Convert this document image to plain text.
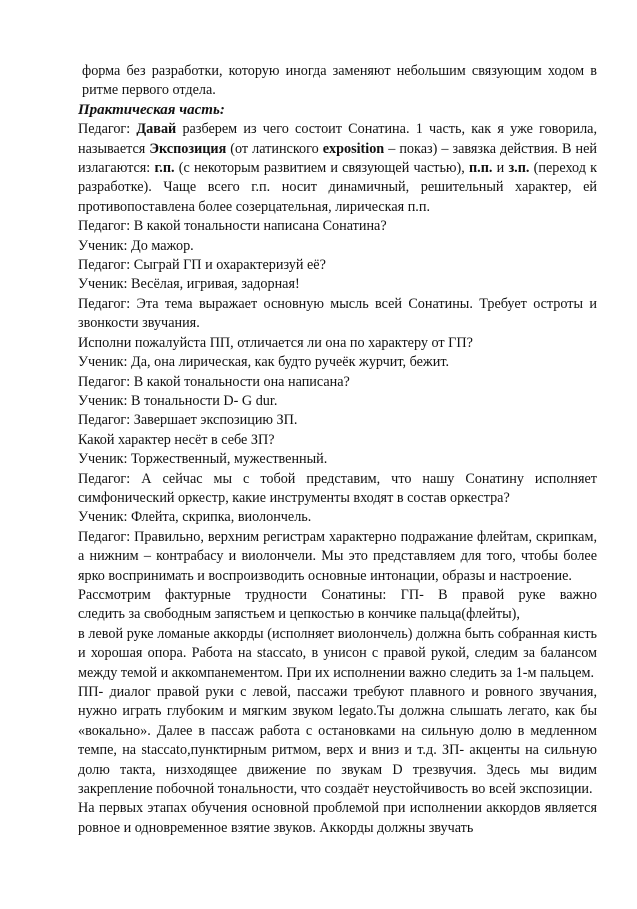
форма без разработки, которую иногда заменяют небольшим связующим ходом в ритме первого отдела.

Практическая часть:

Педагог: Давай разберем из чего состоит Сонатина. 1 часть, как я уже говорила, называется Экспозиция (от латинского exposition – показ) – завязка действия. В ней излагаются: г.п. (с некоторым развитием и связующей частью), п.п. и з.п. (переход к разработке). Чаще всего г.п. носит динамичный, решительный характер, ей противопоставлена более созерцательная, лирическая п.п.

Педагог: В какой тональности написана Сонатина?

Ученик: До мажор.

Педагог: Сыграй ГП и охарактеризуй её?

Ученик: Весёлая, игривая, задорная!

Педагог: Эта тема выражает основную мысль всей Сонатины. Требует остроты и звонкости звучания.

Исполни пожалуйста ПП, отличается ли она по характеру от ГП?

Ученик: Да, она лирическая, как будто ручеёк журчит, бежит.

Педагог: В какой тональности она написана?

Ученик: В тональности D- G dur.

Педагог: Завершает экспозицию ЗП.

Какой характер несёт в себе ЗП?

Ученик: Торжественный, мужественный.

Педагог: А сейчас мы с тобой представим, что нашу Сонатину исполняет симфонический оркестр, какие инструменты входят в состав оркестра?

Ученик: Флейта, скрипка, виолончель.

Педагог: Правильно, верхним регистрам характерно подражание флейтам, скрипкам, а нижним – контрабасу и виолончели. Мы это представляем для того, чтобы более ярко воспринимать и воспроизводить основные интонации, образы и настроение.

Рассмотрим фактурные трудности Сонатины: ГП- В правой руке важно

следить за свободным запястьем и цепкостью в кончике пальца(флейты),

в левой руке ломаные аккорды (исполняет виолончель) должна быть собранная кисть и хорошая опора. Работа на staccato, в унисон с правой рукой, следим за балансом между темой и аккомпанементом. При их исполнении важно следить за 1-м пальцем.

ПП- диалог правой руки с левой, пассажи требуют плавного и ровного звучания, нужно играть глубоким и мягким звуком legato.Ты должна слышать легато, как бы «вокально». Далее в пассаж работа с остановками на сильную долю в медленном темпе, на staccato,пунктирным ритмом, верх и вниз и т.д. ЗП- акценты на сильную долю такта, низходящее движение по звукам D трезвучия. Здесь мы видим закрепление побочной тональности, что создаёт неустойчивость во всей экспозиции.

На первых этапах обучения основной проблемой при исполнении аккордов является ровное и одновременное взятие звуков. Аккорды должны звучать
